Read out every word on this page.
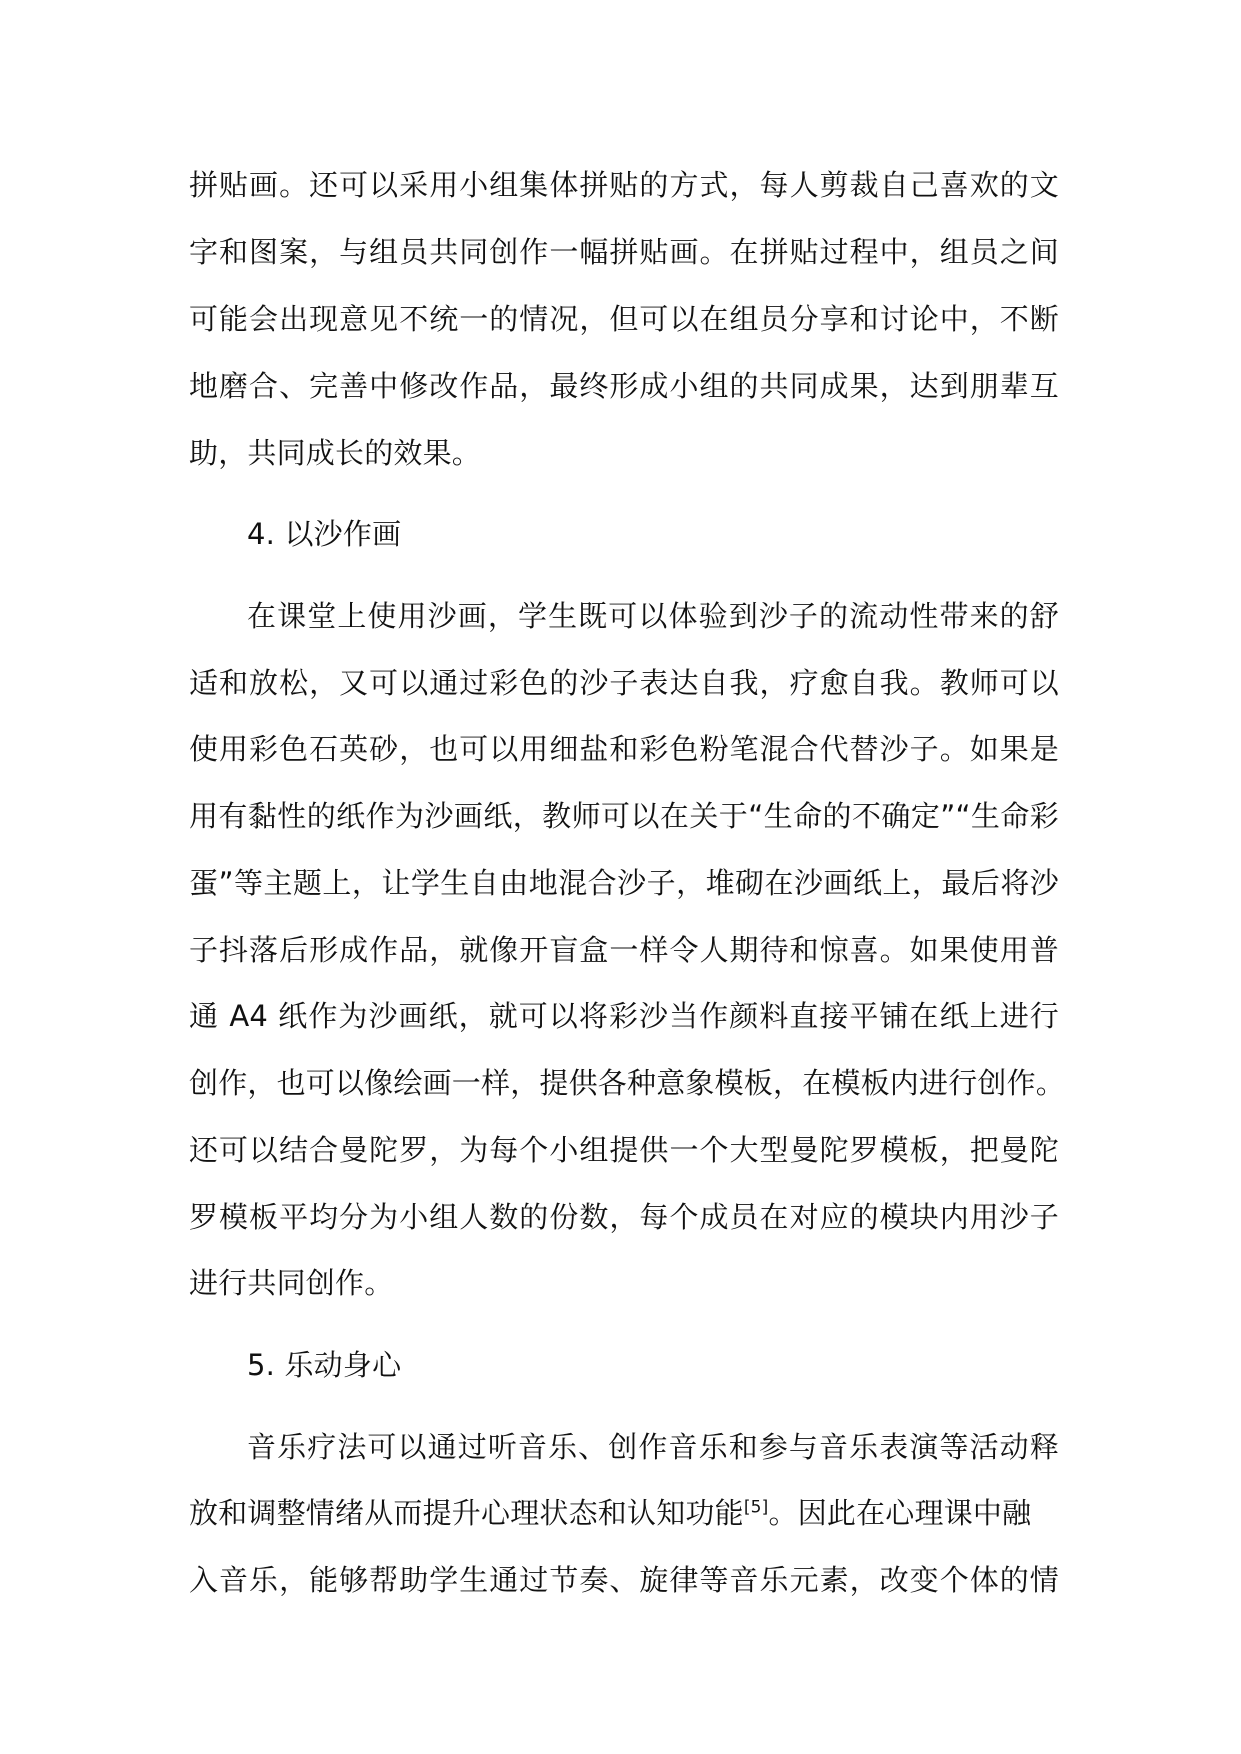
拼贴画。还可以采用小组集体拼贴的方式，每人剪裁自己喜欢的文
字和图案，与组员共同创作一幅拼贴画。在拼贴过程中，组员之间
可能会出现意见不统一的情况，但可以在组员分享和讨论中，不断
地磨合、完善中修改作品，最终形成小组的共同成果，达到朋辈互
助，共同成长的效果。
4. 以沙作画
在课堂上使用沙画，学生既可以体验到沙子的流动性带来的舒
适和放松，又可以通过彩色的沙子表达自我，疗愈自我。教师可以
使用彩色石英砂，也可以用细盐和彩色粉笔混合代替沙子。如果是
用有黏性的纸作为沙画纸，教师可以在关于“生命的不确定”“生命彩
蛋”等主题上，让学生自由地混合沙子，堆砌在沙画纸上，最后将沙
子抖落后形成作品，就像开盲盒一样令人期待和惊喜。如果使用普
通 A4 纸作为沙画纸，就可以将彩沙当作颜料直接平铺在纸上进行
创作，也可以像绘画一样，提供各种意象模板，在模板内进行创作。
还可以结合曼陀罗，为每个小组提供一个大型曼陀罗模板，把曼陀
罗模板平均分为小组人数的份数，每个成员在对应的模块内用沙子
进行共同创作。
5. 乐动身心
音乐疗法可以通过听音乐、创作音乐和参与音乐表演等活动释
放和调整情绪从而提升心理状态和认知功能[5]。因此在心理课中融
入音乐，能够帮助学生通过节奏、旋律等音乐元素，改变个体的情
